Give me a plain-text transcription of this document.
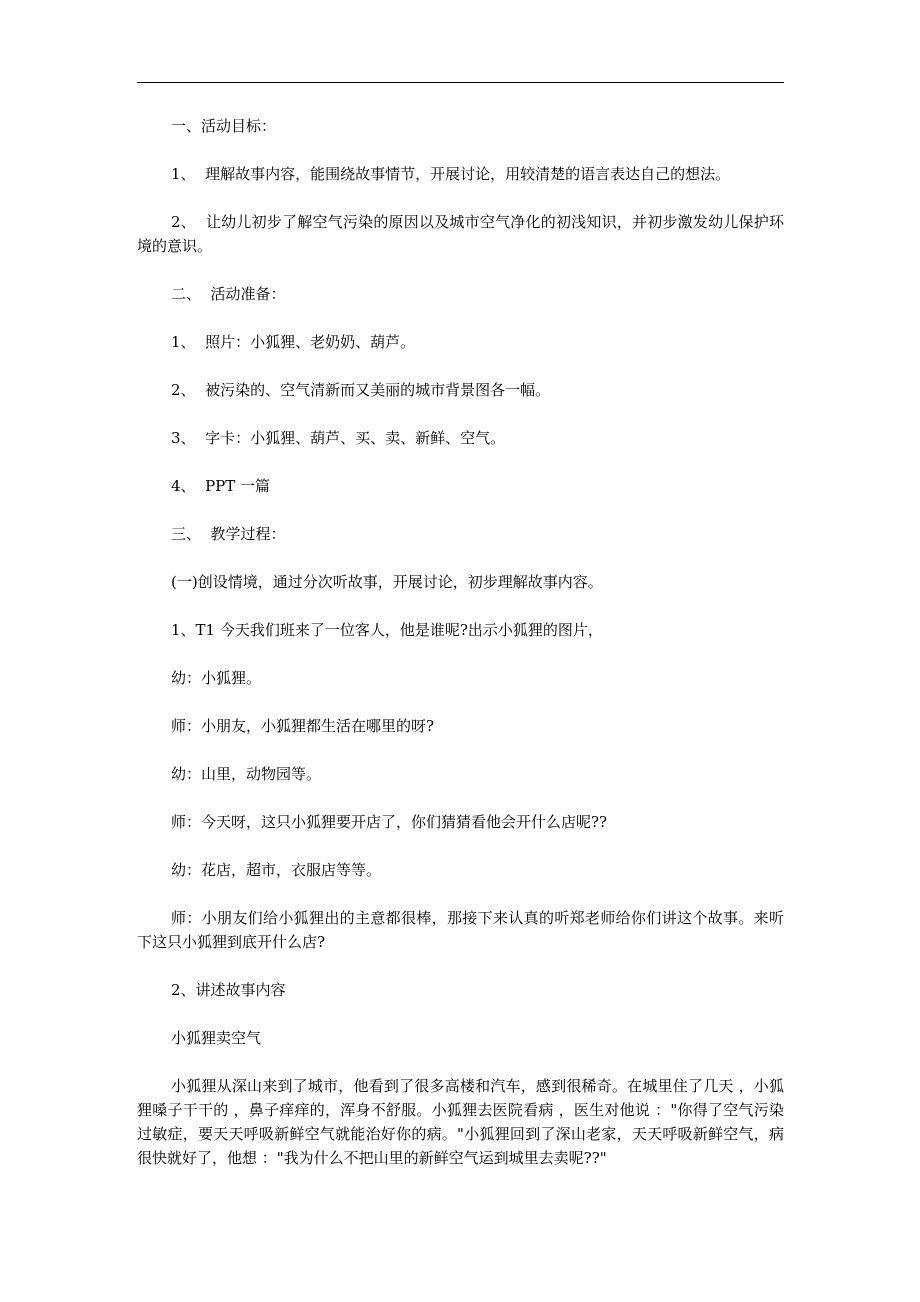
一、活动目标：

1、  理解故事内容，能围绕故事情节，开展讨论，用较清楚的语言表达自己的想法。

2、  让幼儿初步了解空气污染的原因以及城市空气净化的初浅知识，并初步激发幼儿保护环境的意识。

二、  活动准备：

1、  照片：小狐狸、老奶奶、葫芦。

2、  被污染的、空气清新而又美丽的城市背景图各一幅。

3、  字卡：小狐狸、葫芦、买、卖、新鲜、空气。

4、  PPT 一篇

三、  教学过程：

(一)创设情境，通过分次听故事，开展讨论，初步理解故事内容。

1、T1 今天我们班来了一位客人，他是谁呢?出示小狐狸的图片，

幼：小狐狸。

师：小朋友，小狐狸都生活在哪里的呀?

幼：山里，动物园等。

师：今天呀，这只小狐狸要开店了，你们猜猜看他会开什么店呢??

幼：花店，超市，衣服店等等。

师：小朋友们给小狐狸出的主意都很棒，那接下来认真的听郑老师给你们讲这个故事。来听下这只小狐狸到底开什么店?

2、讲述故事内容

小狐狸卖空气

小狐狸从深山来到了城市，他看到了很多高楼和汽车，感到很稀奇。在城里住了几天 ，小狐狸嗓子干干的 ，鼻子痒痒的，浑身不舒服。小狐狸去医院看病 ，医生对他说 ："你得了空气污染过敏症，要天天呼吸新鲜空气就能治好你的病。"小狐狸回到了深山老家，天天呼吸新鲜空气，病很快就好了，他想 ："我为什么不把山里的新鲜空气运到城里去卖呢??"
